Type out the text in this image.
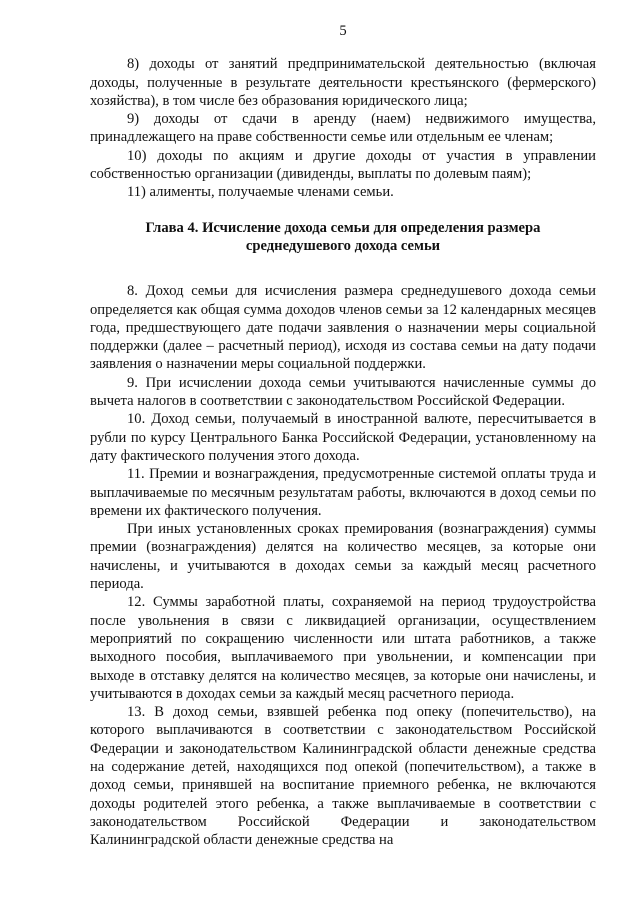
5

8) доходы от занятий предпринимательской деятельностью (включая доходы, полученные в результате деятельности крестьянского (фермерского) хозяйства), в том числе без образования юридического лица;

9) доходы от сдачи в аренду (наем) недвижимого имущества, принадлежащего на праве собственности семье или отдельным ее членам;

10) доходы по акциям и другие доходы от участия в управлении собственностью организации (дивиденды, выплаты по долевым паям);

11) алименты, получаемые членами семьи.

Глава 4. Исчисление дохода семьи для определения размера
среднедушевого дохода семьи

8. Доход семьи для исчисления размера среднедушевого дохода семьи определяется как общая сумма доходов членов семьи за 12 календарных месяцев года, предшествующего дате подачи заявления о назначении меры социальной поддержки (далее – расчетный период), исходя из состава семьи на дату подачи заявления о назначении меры социальной поддержки.

9. При исчислении дохода семьи учитываются начисленные суммы до вычета налогов в соответствии с законодательством Российской Федерации.

10. Доход семьи, получаемый в иностранной валюте, пересчитывается в рубли по курсу Центрального Банка Российской Федерации, установленному на дату фактического получения этого дохода.

11. Премии и вознаграждения, предусмотренные системой оплаты труда и выплачиваемые по месячным результатам работы, включаются в доход семьи по времени их фактического получения.

При иных установленных сроках премирования (вознаграждения) суммы премии (вознаграждения) делятся на количество месяцев, за которые они начислены, и учитываются в доходах семьи за каждый месяц расчетного периода.

12. Суммы заработной платы, сохраняемой на период трудоустройства после увольнения в связи с ликвидацией организации, осуществлением мероприятий по сокращению численности или штата работников, а также выходного пособия, выплачиваемого при увольнении, и компенсации при выходе в отставку делятся на количество месяцев, за которые они начислены, и учитываются в доходах семьи за каждый месяц расчетного периода.

13. В доход семьи, взявшей ребенка под опеку (попечительство), на которого выплачиваются в соответствии с законодательством Российской Федерации и законодательством Калининградской области денежные средства на содержание детей, находящихся под опекой (попечительством), а также в доход семьи, принявшей на воспитание приемного ребенка, не включаются доходы родителей этого ребенка, а также выплачиваемые в соответствии с законодательством Российской Федерации и законодательством Калининградской области денежные средства на
